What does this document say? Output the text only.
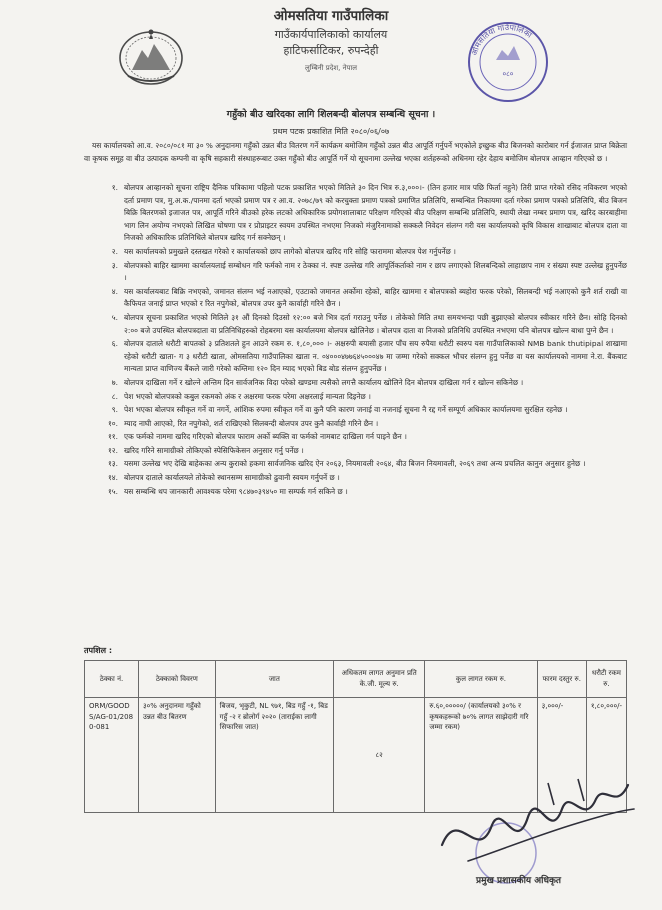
ओमसतिया गाउँपालिका
गाउँकार्यपालिकाको कार्यालय
हाटिफर्साटिकर, रुपन्देही
लुम्बिनी प्रदेश, नेपाल
०८०
ओमसतिया गाउँपालिका
गहुँको बीउ खरिदका लागि शिलबन्दी बोलपत्र सम्बन्धि सूचना ।
प्रथम पटक प्रकाशित मिति २०८०/०६/०७
यस कार्यालयको आ.व. २०८०/०८१ मा ३० % अनुदानमा गहुँको उन्नत बीउ वितरण गर्ने कार्यक्रम बमोजिम गहुँको उन्नत बीउ आपूर्ति गर्नुपर्ने भएकोले इच्छुक बीउ बिजनको कारोबार गर्न ईजाजत प्राप्त बिक्रेता वा कृषक समूह वा बीउ उत्पादक कम्पनी वा कृषि सहकारी संस्थाहरूबाट उक्त गहुँको बीउ आपूर्ति गर्ने यो सूचनामा उल्लेख भएका शर्तहरूको अधिनमा रहेर देहाय बमोजिम बोलपत्र आव्हान गरिएको छ ।
१. बोलपत्र आव्हानको सूचना राष्ट्रिय दैनिक पत्रिकामा पहिलो पटक प्रकाशित भएको मितिले ३० दिन भित्र रु.३,०००।- (तिन हजार मात्र पछि फिर्ता नहुने) तिरी प्राप्त गरेको रसिद नविकरण भएको दर्ता प्रमाण पत्र, मु.अ.क./पानमा दर्ता भएको प्रमाण पत्र र आ.व. २०७८/७९ को करचुक्ता प्रमाण पत्रको प्रमाणित प्रतिलिपि, सम्बन्धित निकायमा दर्ता गरेका प्रमाण पत्रको प्रतिलिपि, बीउ बिजन बिक्रि बितरणको इजाजत पत्र, आपूर्ति गरिने बीउको हरेक लटको अधिकारिक प्रयोगशालाबाट परिक्षण गरिएको बीउ परिक्षण सम्बन्धि प्रतिलिपि, स्थायी लेखा नम्बर प्रमाण पत्र, खरिद कारबाहीमा भाग लिन अयोग्य नभएको लिखित घोषणा पत्र र प्रोप्राइटर स्वयम उपस्थित नभएमा निजको मंजुरिनामाको सक्कलै निवेदन संलग्न गरी यस कार्यालयको कृषि विकास शाखाबाट बोलपत्र दाता वा निजको अधिकारिक प्रतिनिधिले बोलपत्र खरिद गर्न सक्नेछन् ।
२. यस कार्यालयको प्रमुखले दस्तखत गरेको र कार्यालयको छाप लागेको बोलपत्र खरिद गरि सोहि फाराममा बोलपत्र पेश गर्नुपर्नेछ ।
३. बोलपत्रको बाहिर खाममा कार्यालयलाई सम्बोधन गरि फर्मको नाम र ठेक्का नं. स्पष्ट उल्लेख गरि आपूर्तिकर्ताको नाम र छाप लगाएको शिलबन्दिको लाहाछाप नाम र संख्या स्पष्ट उल्लेख हुनुपर्नेछ ।
४. यस कार्यालयबाट बिक्रि नभएको, जमानत संलग्न भई नआएको, एउटाको जमानत अर्कोमा रहेको, बाहिर खाममा र बोलपत्रको ब्यहोरा फरक परेको, सिलबन्दी भई नआएको कुनै शर्त राखी वा कैफियत जनाई प्राप्त भएको र रित नपुगेको, बोलपत्र उपर कुनै कार्वाही गरिने छैन ।
५. बोलपत्र सूचना प्रकाशित भएको मितिले ३१ औं दिनको दिउसो १२:०० बजे भित्र दर्ता गराउनु पर्नेछ । तोकेको मिति तथा समयभन्दा पछी बुझाएको बोलपत्र स्वीकार गरिने छैन। सोहि दिनको २:०० बजे उपस्थित बोलपत्रदाता वा प्रतिनिधिहरुको रोहबरमा यस कार्यालयमा बोलपत्र खोलिनेछ । बोलपत्र दाता वा निजको प्रतिनिधि उपस्थित नभएमा पनि बोलपत्र खोल्न बाधा पुग्ने छैन ।
६. बोलपत्र दाताले धरौटी बापतको ३ प्रतिशतले हुन आउने रकम रु. १,८०,००० ।- अक्षरुपी बयासी हजार पाँच सय रुपैया धरौटी स्वरुप यस गाउँपालिकाको NMB bank thutipipal शाखामा रहेको धरौटी खाता- ग ३ धरौटी खाता, ओमसतिया गाउँपालिका खाता न. ०४०००४७७६४५०००४७ मा जम्मा गरेको सक्कल भौचर संलग्न हुनु पर्नेछ वा यस कार्यालयको नाममा ने.रा. बैंकबाट मान्यता प्राप्त वाणिज्य बैंकले जारी गरेको कम्तिमा १२० दिन म्याद भएको बिड बोड संलग्न हुनुपर्नेछ ।
७. बोलपत्र दाखिला गर्ने र खोल्ने अन्तिम दिन सार्वजनिक विदा परेको खण्डमा त्यसैको लगत्तै कार्यालय खोलिने दिन बोलपत्र दाखिला गर्न र खोल्न सकिनेछ ।
८. पेश भएको बोलपत्रको कबुल रकमको अंक र अक्षरमा फरक परेमा अक्षरलाई मान्यता दिइनेछ ।
९. पेश भएका बोलपत्र स्वीकृत गर्ने वा नगर्ने, आंशिक रुपमा स्वीकृत गर्ने वा कुनै पनि कारण जनाई वा नजनाई सूचना नै रद्द गर्ने सम्पूर्ण अधिकार कार्यालयमा सुरक्षित रहनेछ ।
१०. म्याद नाघी आएको, रित नपुगेको, शर्त राखिएको सिलबन्दी बोलपत्र उपर कुनै कार्वाही गरिने छैन ।
११. एक फर्मको नाममा खरिद गरिएको बोलपत्र फाराम अर्को ब्यक्ति वा फर्मको नामबाट दाखिला गर्न पाइने छैन ।
१२. खरिद गरिने सामाग्रीको तोकिएको स्पेसिफिकेसन अनुसार गर्नु पर्नेछ ।
१३. यसमा उल्लेख भए देखि बाहेकका अन्य कुराको हकमा सार्वजनिक खरिद ऐन २०६३, नियमावली २०६४, बीउ बिजन नियमावली, २०६९ तथा अन्य प्रचलित कानुन अनुसार हुनेछ ।
१४. बोलपत्र दाताले कार्यालयले तोकेको स्थानसम्म सामाग्रीको ढुवानी स्वयम गर्नुपर्ने छ ।
१५. यस सम्बन्धि थप जानकारी आवश्यक परेमा ९८४७०३९४५० मा सम्पर्क गर्न सकिने छ ।
तपशिल :
ठेक्का नं.	ठेक्काको विवरण	जात	अधिकतम लागत अनुमान प्रति के.जी. मूल्य रु.	कुल लागत रकम रु.	फारम दस्तुर रु.	धरौटी रकम रु.
ORM/GOODS/AG-01/2080-081	३०% अनुदानमा गहुँको उन्नत बीउ बितरण	बिजय, भृकुटी, NL ९७१, बिड गहुँ -१, बिड गहुँ -२ र ब्रोलोर्ग २०२० (ताराईका लागी सिफारिस जात)	८२	रु.६०,०००००/ (कार्यालयको ३०% र कृषकहरूको ७०% लागत साझेदारी गरि जम्मा रकम)	३,०००/-	१,८०,०००/-
प्रमुख प्रशासकीय अधिकृत
